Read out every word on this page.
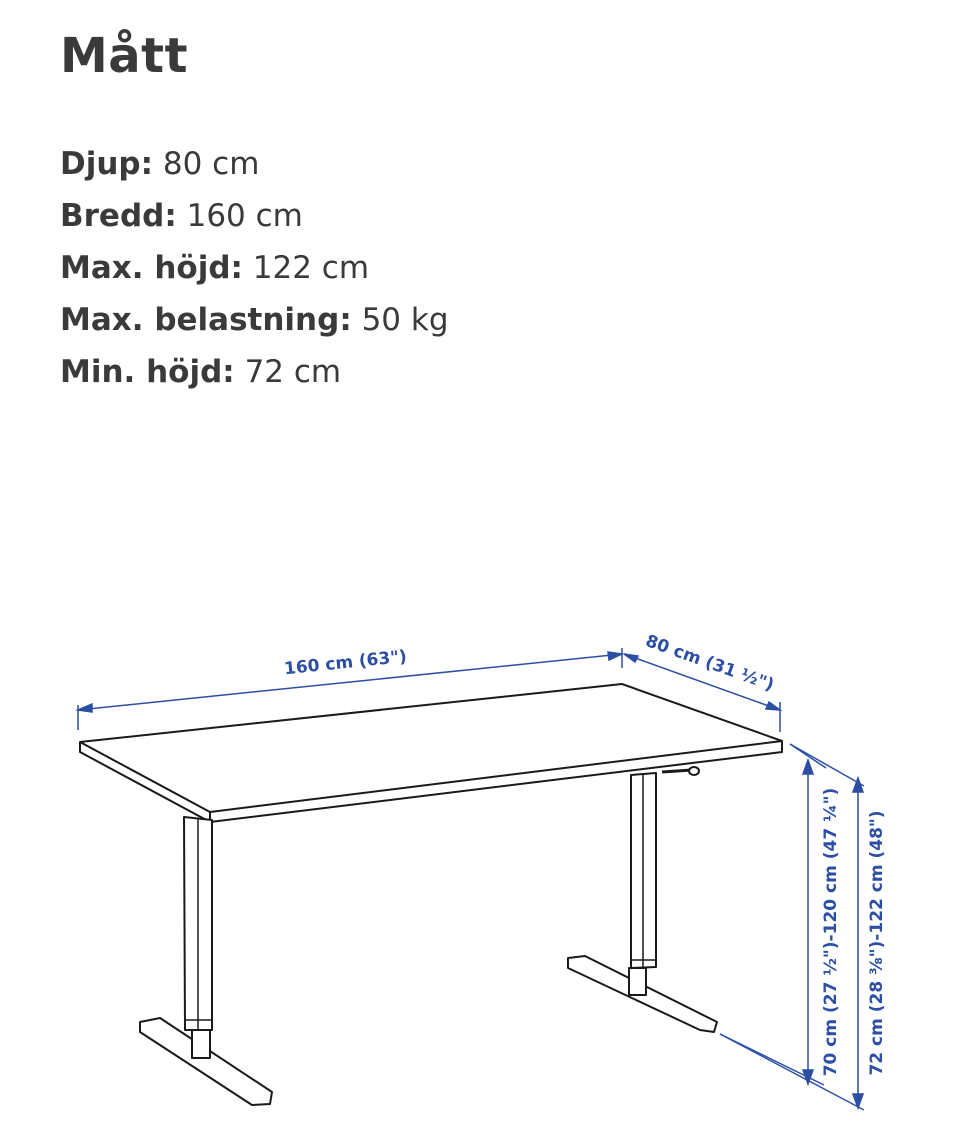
Mått
Djup: 80 cm
Bredd: 160 cm
Max. höjd: 122 cm
Max. belastning: 50 kg
Min. höjd: 72 cm
160 cm (63")	80 cm (31 ½")
70 cm (27 ½")-120 cm (47 ¼") 72 cm (28 ⅜")-122 cm (48")
